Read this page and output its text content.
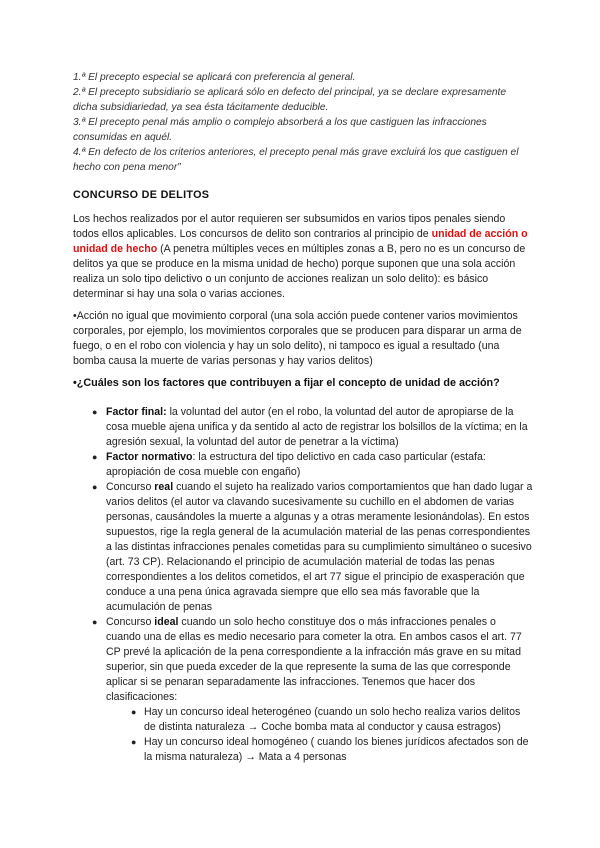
1.ª El precepto especial se aplicará con preferencia al general.

2.ª El precepto subsidiario se aplicará sólo en defecto del principal, ya se declare expresamente dicha subsidiariedad, ya sea ésta tácitamente deducible.

3.ª El precepto penal más amplio o complejo absorberá a los que castiguen las infracciones consumidas en aquél.

4.ª En defecto de los criterios anteriores, el precepto penal más grave excluirá los que castiguen el hecho con pena menor”

CONCURSO DE DELITOS

Los hechos realizados por el autor requieren ser subsumidos en varios tipos penales siendo todos ellos aplicables. Los concursos de delito son contrarios al principio de unidad de acción o unidad de hecho (A penetra múltiples veces en múltiples zonas a B, pero no es un concurso de delitos ya que se produce en la misma unidad de hecho) porque suponen que una sola acción realiza un solo tipo delictivo o un conjunto de acciones realizan un solo delito): es básico determinar si hay una sola o varias acciones.

•Acción no igual que movimiento corporal (una sola acción puede contener varios movimientos corporales, por ejemplo, los movimientos corporales que se producen para disparar un arma de fuego, o en el robo con violencia y hay un solo delito), ni tampoco es igual a resultado (una bomba causa la muerte de varias personas y hay varios delitos)

•¿Cuáles son los factores que contribuyen a fijar el concepto de unidad de acción?

● Factor final: la voluntad del autor (en el robo, la voluntad del autor de apropiarse de la cosa mueble ajena unifica y da sentido al acto de registrar los bolsillos de la víctima; en la agresión sexual, la voluntad del autor de penetrar a la víctima)
● Factor normativo: la estructura del tipo delictivo en cada caso particular (estafa: apropiación de cosa mueble con engaño)
● Concurso real cuando el sujeto ha realizado varios comportamientos que han dado lugar a varios delitos (el autor va clavando sucesivamente su cuchillo en el abdomen de varias personas, causándoles la muerte a algunas y a otras meramente lesionándolas). En estos supuestos, rige la regla general de la acumulación material de las penas correspondientes a las distintas infracciones penales cometidas para su cumplimiento simultáneo o sucesivo (art. 73 CP). Relacionando el principio de acumulación material de todas las penas correspondientes a los delitos cometidos, el art 77 sigue el principio de exasperación que conduce a una pena única agravada siempre que ello sea más favorable que la acumulación de penas
● Concurso ideal cuando un solo hecho constituye dos o más infracciones penales o cuando una de ellas es medio necesario para cometer la otra. En ambos casos el art. 77 CP prevé la aplicación de la pena correspondiente a la infracción más grave en su mitad superior, sin que pueda exceder de la que represente la suma de las que corresponde aplicar si se penaran separadamente las infracciones. Tenemos que hacer dos clasificaciones:
● Hay un concurso ideal heterogéneo (cuando un solo hecho realiza varios delitos de distinta naturaleza → Coche bomba mata al conductor y causa estragos)
● Hay un concurso ideal homogéneo ( cuando los bienes jurídicos afectados son de la misma naturaleza) → Mata a 4 personas
